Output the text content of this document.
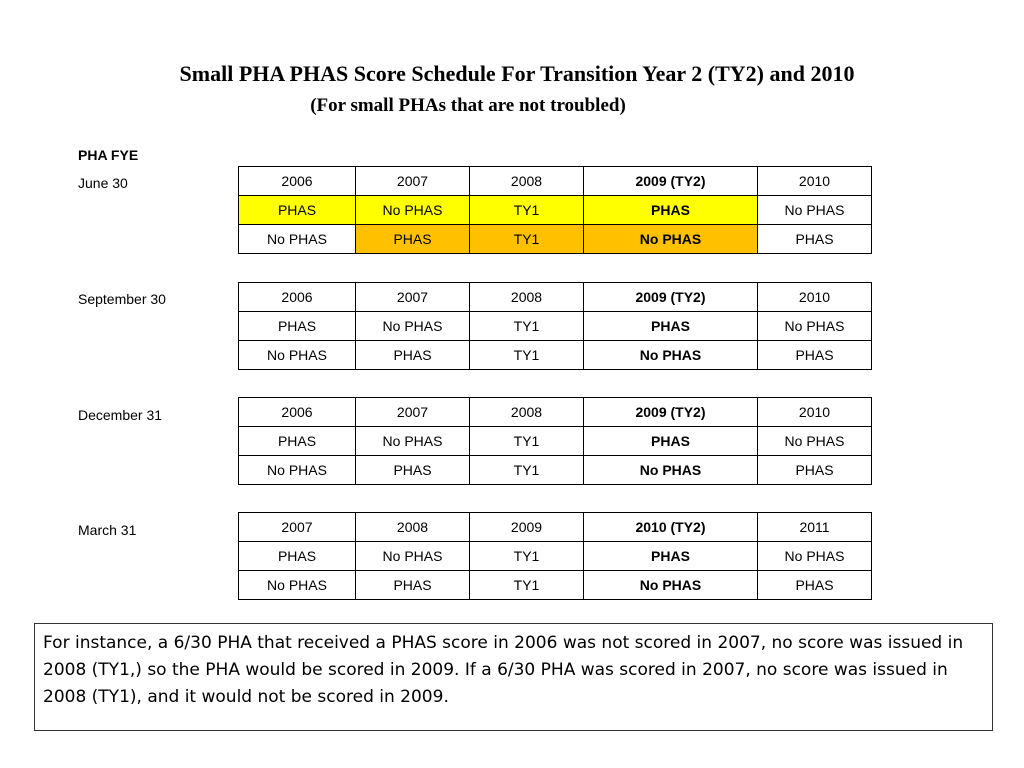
Small PHA PHAS Score Schedule For Transition Year 2 (TY2) and 2010
(For small PHAs that are not troubled)
PHA FYE
June 30	2006	2007	2008	2009 (TY2)	2010
PHAS	No PHAS	TY1	PHAS	No PHAS
No PHAS	PHAS	TY1	No PHAS	PHAS
September 30	2006	2007	2008	2009 (TY2)	2010
PHAS	No PHAS	TY1	PHAS	No PHAS
No PHAS	PHAS	TY1	No PHAS	PHAS
December 31	2006	2007	2008	2009 (TY2)	2010
PHAS	No PHAS	TY1	PHAS	No PHAS
No PHAS	PHAS	TY1	No PHAS	PHAS
March 31	2007	2008	2009	2010 (TY2)	2011
PHAS	No PHAS	TY1	PHAS	No PHAS
No PHAS	PHAS	TY1	No PHAS	PHAS
For instance, a 6/30 PHA that received a PHAS score in 2006 was not scored in 2007, no score was issued in 2008 (TY1,) so the PHA would be scored in 2009. If a 6/30 PHA was scored in 2007, no score was issued in 2008 (TY1), and it would not be scored in 2009.
